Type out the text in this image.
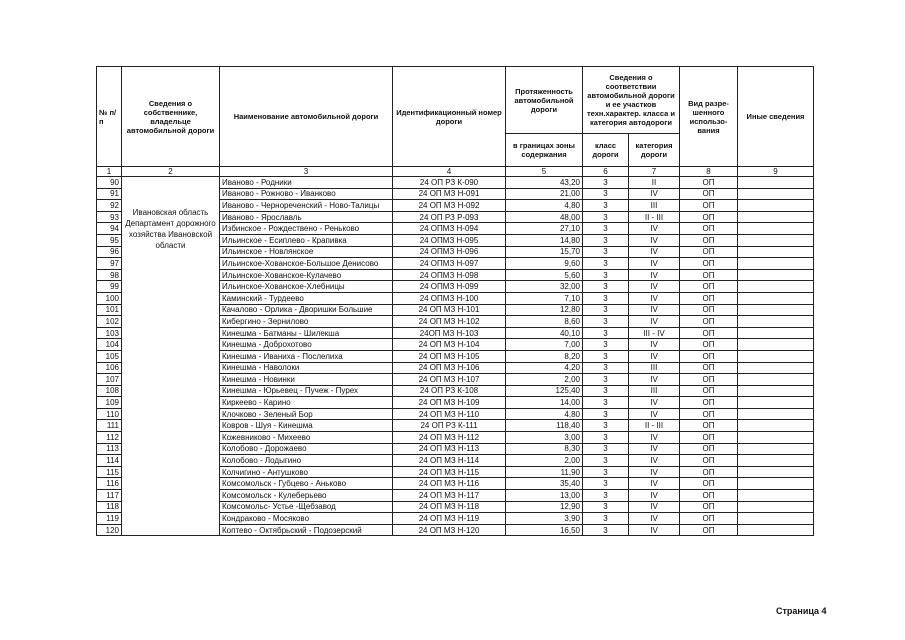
№ п/п	Сведения о собственнике, владельце автомобильной дороги	Наименование автомобильной дороги	Идентификационный номер дороги	Протяженность автомобильной дороги	Сведения о соответствии автомобильной дороги и ее участков техн.характер. класса и категория автодороги		Вид разре-шенного использо-вания	Иные сведения
				в границах зоны содержания	класс дороги	категория дороги		
1	2	3	4	5	6	7	8	9
90	Ивановская область Департамент дорожного хозяйства Ивановской области	Иваново - Родники	24 ОП РЗ К-090	43,20	3	II	ОП	
91		Иваново - Рожново - Иванково	24 ОП МЗ Н-091	21,00	3	IV	ОП	
92		Иваново - Чернореченский - Ново-Талицы	24 ОП МЗ Н-092	4,80	3	III	ОП	
93		Иваново - Ярославль	24 ОП РЗ Р-093	48,00	3	II - III	ОП	
94		Избинское - Рождествено - Реньково	24 ОПМЗ Н-094	27,10	3	IV	ОП	
95		Ильинское - Есиплево - Крапивка	24 ОПМЗ Н-095	14,80	3	IV	ОП	
96		Ильинское - Новлянское	24 ОПМЗ Н-096	15,70	3	IV	ОП	
97		Ильинское-Хованское-Большое Денисово	24 ОПМЗ Н-097	9,60	3	IV	ОП	
98		Ильинское-Хованское-Кулачево	24 ОПМЗ Н-098	5,60	3	IV	ОП	
99		Ильинское-Хованское-Хлебницы	24 ОПМЗ Н-099	32,00	3	IV	ОП	
100		Каминский - Турдеево	24 ОПМЗ Н-100	7,10	3	IV	ОП	
101		Качалово - Орлика - Дворишки Большие	24 ОП МЗ Н-101	12,80	3	IV	ОП	
102		Кибергино - Зернилово	24 ОП МЗ Н-102	8,60	3	IV	ОП	
103		Кинешма - Батманы - Шилекша	24ОП МЗ Н-103	40,10	3	III - IV	ОП	
104		Кинешма - Доброхотово	24 ОП МЗ Н-104	7,00	3	IV	ОП	
105		Кинешма - Иваниха - Послелиха	24 ОП МЗ Н-105	8,20	3	IV	ОП	
106		Кинешма - Наволоки	24 ОП МЗ Н-106	4,20	3	III	ОП	
107		Кинешма - Новинки	24 ОП МЗ Н-107	2,00	3	IV	ОП	
108		Кинешма - Юрьевец - Пучеж - Пурех	24 ОП РЗ К-108	125,40	3	III	ОП	
109		Киркеево - Карино	24 ОП МЗ Н-109	14,00	3	IV	ОП	
110		Клочково - Зеленый Бор	24 ОП МЗ Н-110	4,80	3	IV	ОП	
111		Ковров - Шуя - Кинешма	24 ОП РЗ К-111	118,40	3	II - III	ОП	
112		Кожевниково - Михеево	24 ОП МЗ Н-112	3,00	3	IV	ОП	
113		Колобово - Дорожаево	24 ОП МЗ Н-113	8,30	3	IV	ОП	
114		Колобово - Лодыгино	24 ОП МЗ Н-114	2,00	3	IV	ОП	
115		Колчигино - Антушково	24 ОП МЗ Н-115	11,90	3	IV	ОП	
116		Комсомольск - Губцево - Аньково	24 ОП МЗ Н-116	35,40	3	IV	ОП	
117		Комсомольск - Кулеберьево	24 ОП МЗ Н-117	13,00	3	IV	ОП	
118		Комсомольс- Устье -Щебзавод	24 ОП МЗ Н-118	12,90	3	IV	ОП	
119		Кондраково - Мосяково	24 ОП МЗ Н-119	3,90	3	IV	ОП	
120		Коптево - Октябрьский - Подозерский	24 ОП МЗ Н-120	16,50	3	IV	ОП	
Страница 4
